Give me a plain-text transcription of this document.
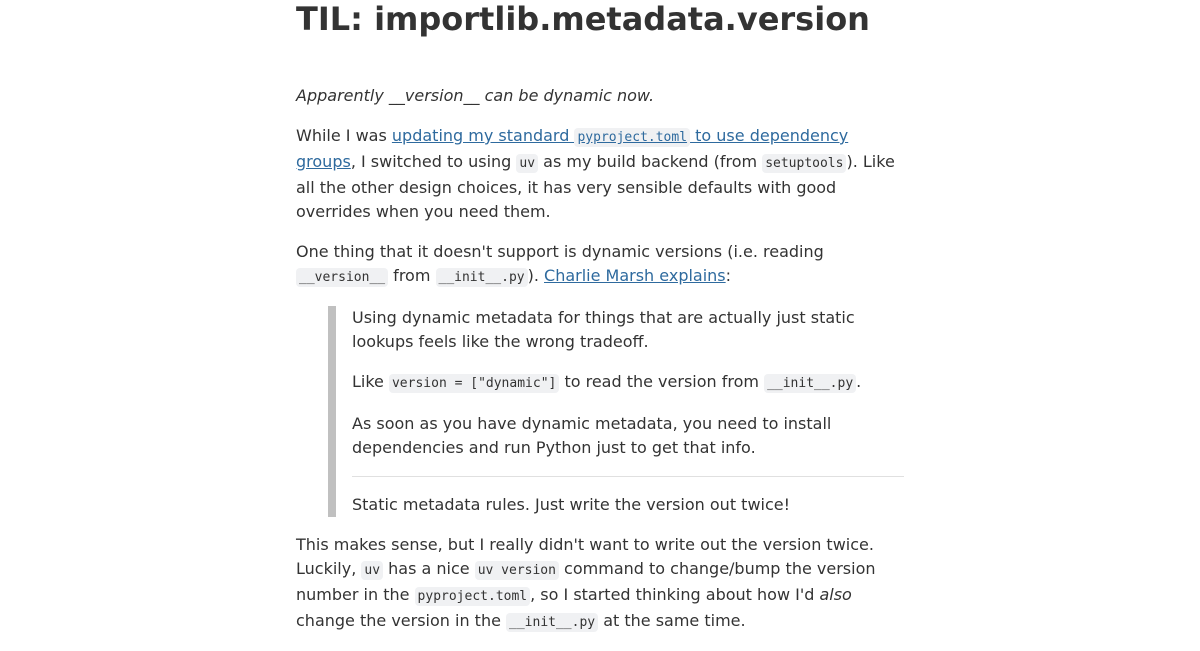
TIL: importlib.metadata.version

Apparently __version__ can be dynamic now.

While I was updating my standard pyproject.toml to use dependency groups, I switched to using uv as my build backend (from setuptools ). Like all the other design choices, it has very sensible defaults with good overrides when you need them.

One thing that it doesn't support is dynamic versions (i.e. reading __version__ from __init__.py ). Charlie Marsh explains:

Using dynamic metadata for things that are actually just static lookups feels like the wrong tradeoff.

Like version = ["dynamic"] to read the version from __init__.py .

As soon as you have dynamic metadata, you need to install dependencies and run Python just to get that info.

Static metadata rules. Just write the version out twice!

This makes sense, but I really didn't want to write out the version twice. Luckily, uv has a nice uv version command to change/bump the version number in the pyproject.toml , so I started thinking about how I'd also change the version in the __init__.py at the same time.
